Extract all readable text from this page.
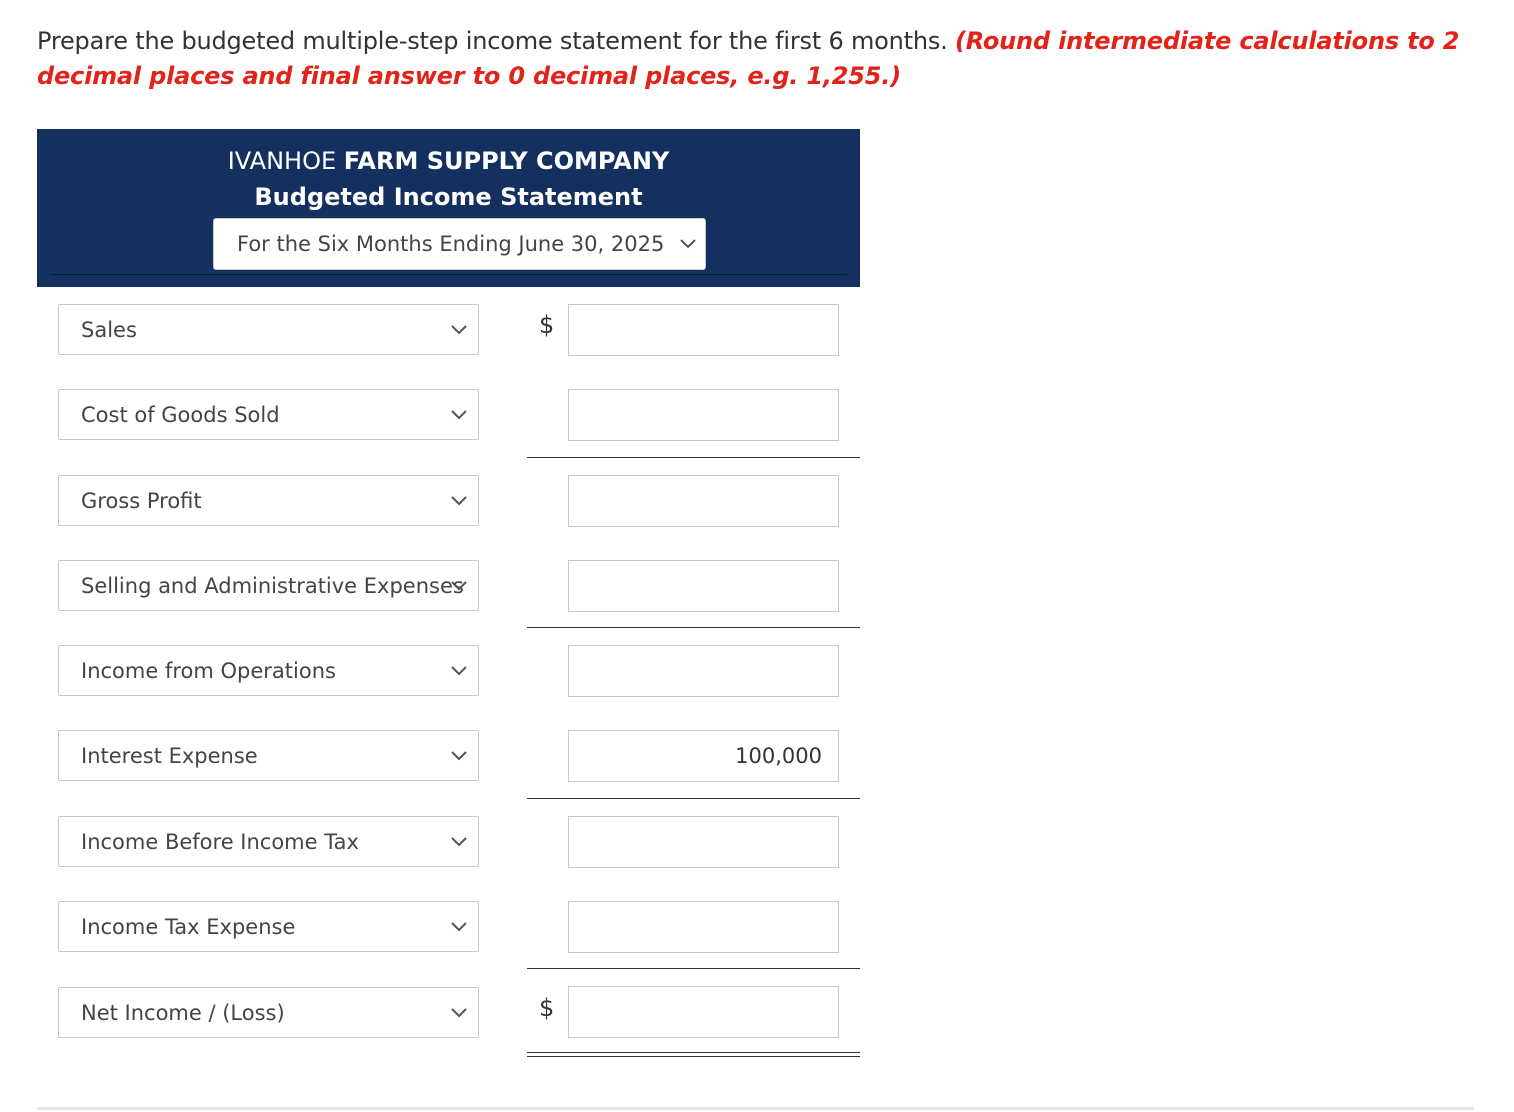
Prepare the budgeted multiple-step income statement for the first 6 months. (Round intermediate calculations to 2 decimal places and final answer to 0 decimal places, e.g. 1,255.)
IVANHOE FARM SUPPLY COMPANY
Budgeted Income Statement
For the Six Months Ending June 30, 2025
Sales	$
Cost of Goods Sold
Gross Profit
Selling and Administrative Expenses
Income from Operations
Interest Expense	100,000
Income Before Income Tax
Income Tax Expense
Net Income / (Loss)	$
